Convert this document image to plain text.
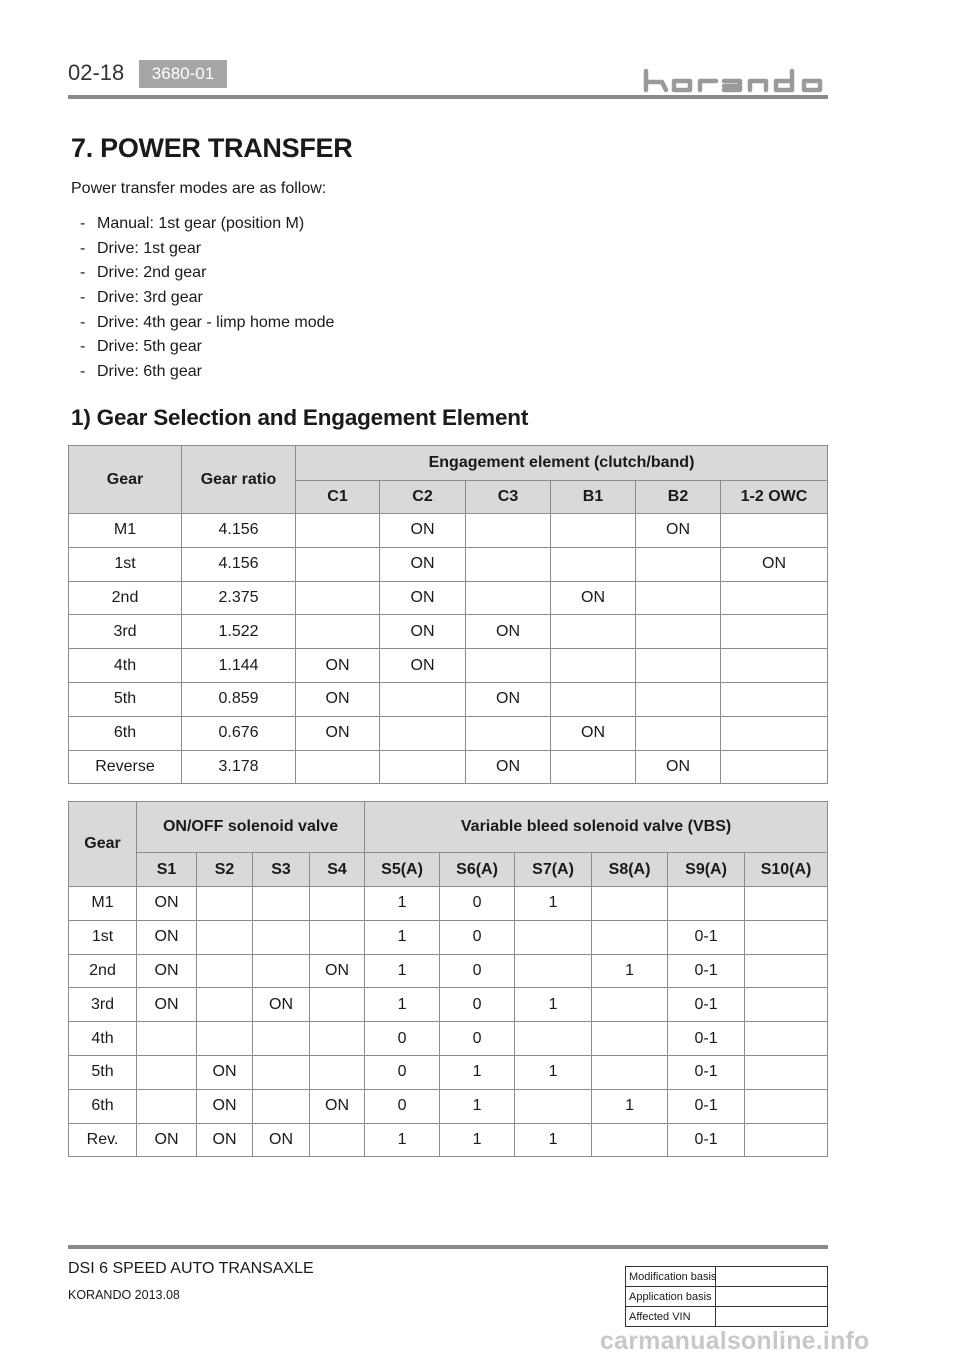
02-18	3680-01
7. POWER TRANSFER
Power transfer modes are as follow:
- Manual: 1st gear (position M)
- Drive: 1st gear
- Drive: 2nd gear
- Drive: 3rd gear
- Drive: 4th gear - limp home mode
- Drive: 5th gear
- Drive: 6th gear
1) Gear Selection and Engagement Element
Gear	Gear ratio	Engagement element (clutch/band)					
		C1	C2	C3	B1	B2	1-2 OWC
M1	4.156		ON			ON	
1st	4.156		ON				ON
2nd	2.375		ON		ON		
3rd	1.522		ON	ON			
4th	1.144	ON	ON				
5th	0.859	ON		ON			
6th	0.676	ON			ON		
Reverse	3.178			ON		ON	
Gear	ON/OFF solenoid valve				Variable bleed solenoid valve (VBS)					
	S1	S2	S3	S4	S5(A)	S6(A)	S7(A)	S8(A)	S9(A)	S10(A)
M1	ON				1	0	1			
1st	ON				1	0			0-1	
2nd	ON			ON	1	0		1	0-1	
3rd	ON		ON		1	0	1		0-1	
4th					0	0			0-1	
5th		ON			0	1	1		0-1	
6th		ON		ON	0	1		1	0-1	
Rev.	ON	ON	ON		1	1	1		0-1	
DSI 6 SPEED AUTO TRANSAXLE
KORANDO 2013.08
Modification basis	
Application basis	
Affected VIN	
carmanualsonline.info
